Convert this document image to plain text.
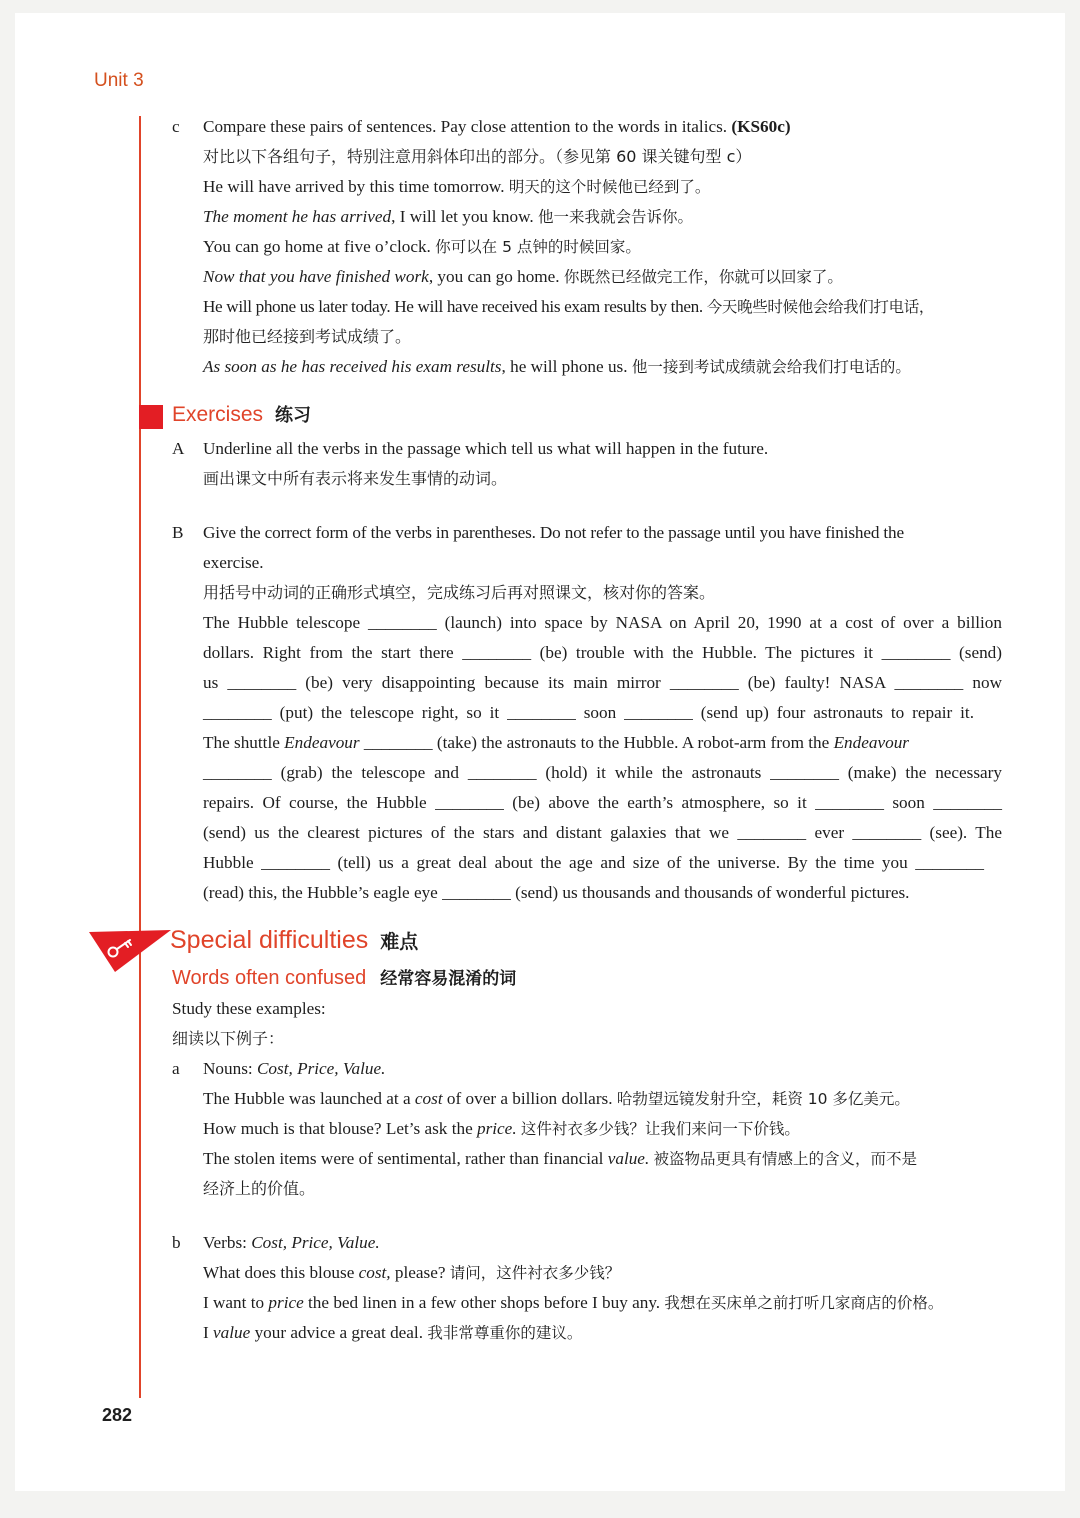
Unit 3
c Compare these pairs of sentences. Pay close attention to the words in italics. (KS60c)
对比以下各组句子，特别注意用斜体印出的部分。（参见第 60 课关键句型 c）
He will have arrived by this time tomorrow. 明天的这个时候他已经到了。
The moment he has arrived, I will let you know. 他一来我就会告诉你。
You can go home at five o’clock. 你可以在 5 点钟的时候回家。
Now that you have finished work, you can go home. 你既然已经做完工作，你就可以回家了。
He will phone us later today. He will have received his exam results by then. 今天晚些时候他会给我们打电话，
那时他已经接到考试成绩了。
As soon as he has received his exam results, he will phone us. 他一接到考试成绩就会给我们打电话的。
Exercises 练习
A Underline all the verbs in the passage which tell us what will happen in the future.
画出课文中所有表示将来发生事情的动词。
B Give the correct form of the verbs in parentheses. Do not refer to the passage until you have finished the
exercise.
用括号中动词的正确形式填空，完成练习后再对照课文，核对你的答案。
The Hubble telescope ________ (launch) into space by NASA on April 20, 1990 at a cost of over a billion
dollars. Right from the start there ________ (be) trouble with the Hubble. The pictures it ________ (send)
us ________ (be) very disappointing because its main mirror ________ (be) faulty! NASA ________ now
________ (put) the telescope right, so it ________ soon ________ (send up) four astronauts to repair it.
The shuttle Endeavour ________ (take) the astronauts to the Hubble. A robot-arm from the Endeavour
________ (grab) the telescope and ________ (hold) it while the astronauts ________ (make) the necessary
repairs. Of course, the Hubble ________ (be) above the earth’s atmosphere, so it ________ soon ________
(send) us the clearest pictures of the stars and distant galaxies that we ________ ever ________ (see). The
Hubble ________ (tell) us a great deal about the age and size of the universe. By the time you ________
(read) this, the Hubble’s eagle eye ________ (send) us thousands and thousands of wonderful pictures.
Special difficulties 难点
Words often confused 经常容易混淆的词
Study these examples:
细读以下例子：
a Nouns: Cost, Price, Value.
The Hubble was launched at a cost of over a billion dollars. 哈勃望远镜发射升空，耗资 10 多亿美元。
How much is that blouse? Let’s ask the price. 这件衬衣多少钱？让我们来问一下价钱。
The stolen items were of sentimental, rather than financial value. 被盗物品更具有情感上的含义，而不是
经济上的价值。
b Verbs: Cost, Price, Value.
What does this blouse cost, please? 请问，这件衬衣多少钱？
I want to price the bed linen in a few other shops before I buy any. 我想在买床单之前打听几家商店的价格。
I value your advice a great deal. 我非常尊重你的建议。
282
